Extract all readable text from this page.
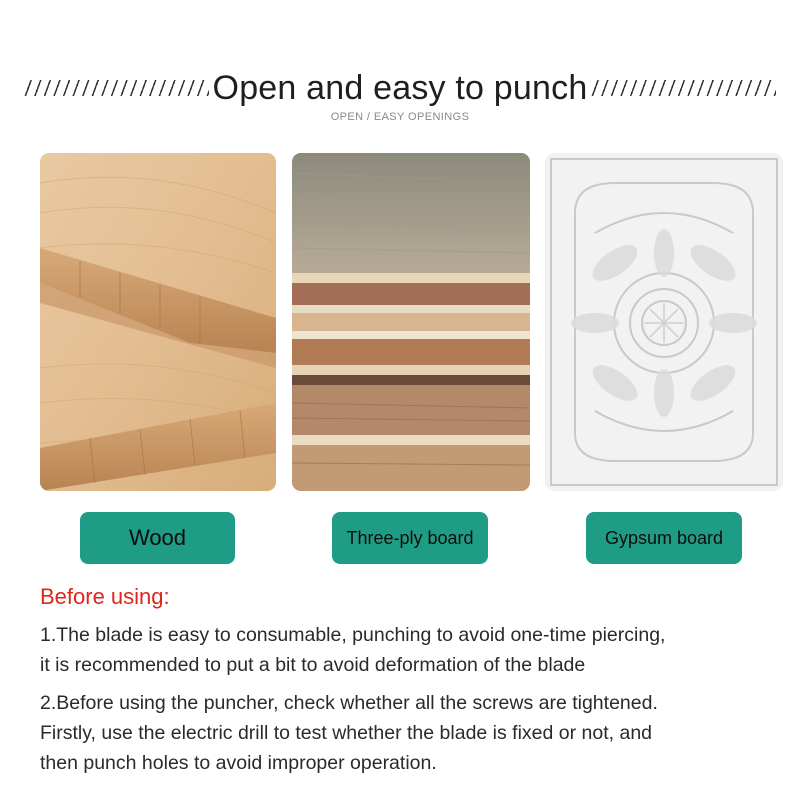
Open and easy to punch
OPEN / EASY OPENINGS
Wood	Three-ply board	Gypsum board
Before using:
1.The blade is easy to consumable, punching to avoid one-time piercing,
it is recommended to put a bit to avoid deformation of the blade
2.Before using the puncher, check whether all the screws are tightened.
Firstly, use the electric drill to test whether the blade is fixed or not, and
then punch holes to avoid improper operation.
